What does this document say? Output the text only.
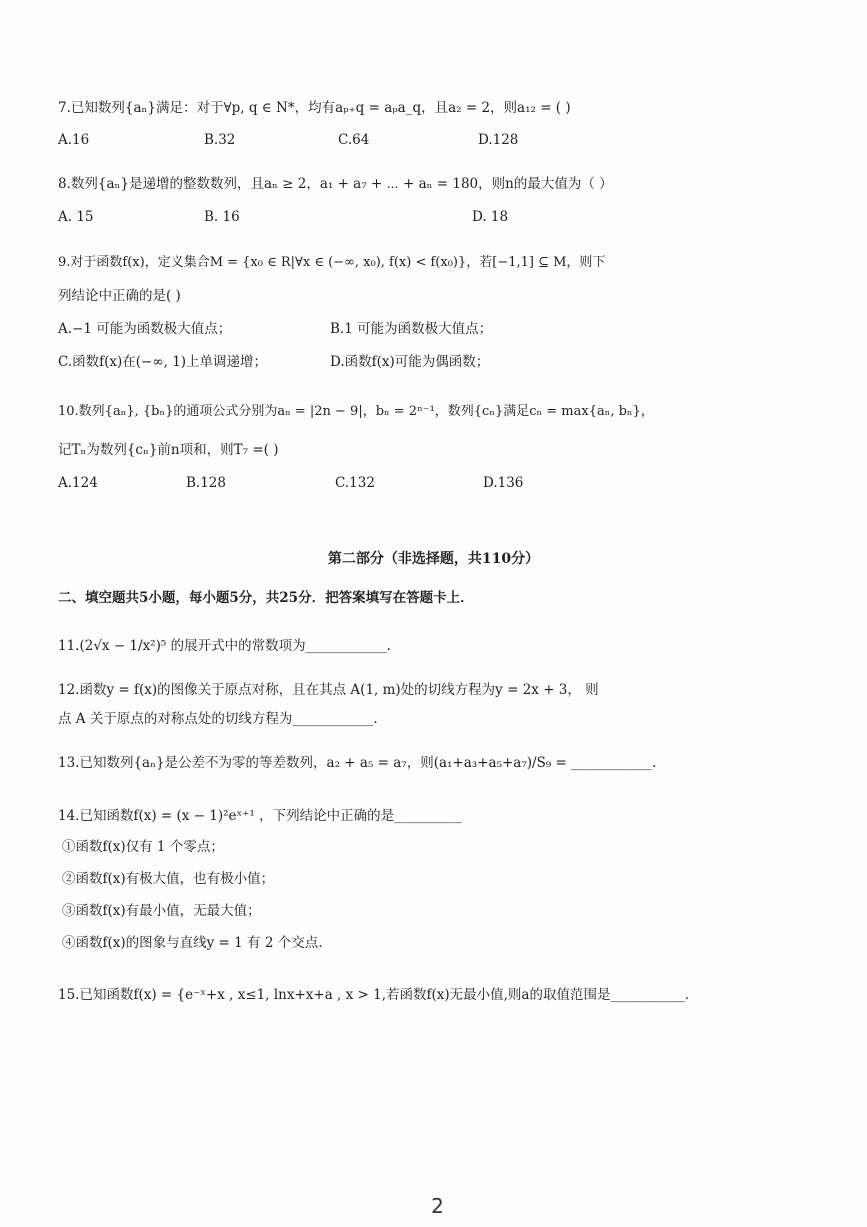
7.已知数列{aₙ}满足：对于∀p, q ∈ N*，均有aₚ₊q = aₚa_q，且a₂ = 2，则a₁₂ = ( )
A.16	B.32	C.64	D.128
8.数列{aₙ}是递增的整数数列，且aₙ ≥ 2，a₁ + a₇ + ⋯ + aₙ = 180，则n的最大值为（ ）
A. 15	B. 16	D. 18
9.对于函数f(x)，定义集合M = {x₀ ∈ R|∀x ∈ (−∞, x₀), f(x) < f(x₀)}，若[−1,1] ⊆ M，则下
列结论中正确的是( )
A.−1 可能为函数极大值点；	B.1 可能为函数极大值点；
C.函数f(x)在(−∞, 1)上单调递增；	D.函数f(x)可能为偶函数；
10.数列{aₙ}, {bₙ}的通项公式分别为aₙ = |2n − 9|，bₙ = 2ⁿ⁻¹，数列{cₙ}满足cₙ = max{aₙ, bₙ}，
记Tₙ为数列{cₙ}前n项和，则T₇ =( )
A.124	B.128	C.132	D.136
第二部分（非选择题，共110分）
二、填空题共5小题，每小题5分，共25分．把答案填写在答题卡上．
11.(2√x − 1/x²)⁵ 的展开式中的常数项为____________.
12.函数y = f(x)的图像关于原点对称，且在其点 A(1, m)处的切线方程为y = 2x + 3， 则
点 A 关于原点的对称点处的切线方程为____________.
13.已知数列{aₙ}是公差不为零的等差数列，a₂ + a₅ = a₇，则(a₁+a₃+a₅+a₇)/S₉ = ____________.
14.已知函数f(x) = (x − 1)²eˣ⁺¹ ，下列结论中正确的是__________
①函数f(x)仅有 1 个零点；
②函数f(x)有极大值，也有极小值；
③函数f(x)有最小值，无最大值；
④函数f(x)的图象与直线y = 1 有 2 个交点.
15.已知函数f(x) = {e⁻ˣ+x , x≤1, lnx+x+a , x > 1,若函数f(x)无最小值,则a的取值范围是___________.
2
